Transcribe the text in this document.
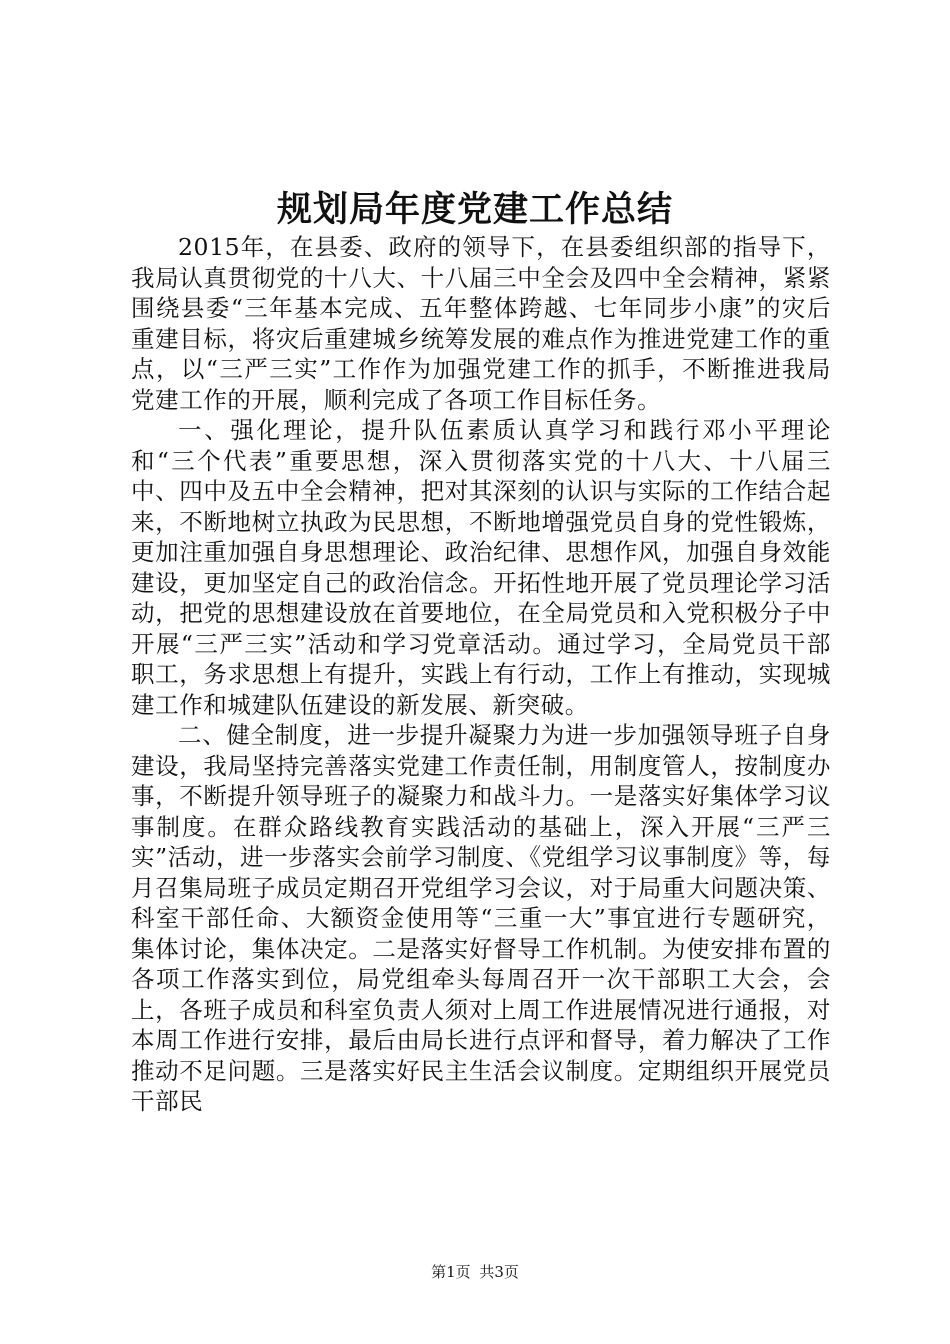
规划局年度党建工作总结

2015年，在县委、政府的领导下，在县委组织部的指导下，我局认真贯彻党的十八大、十八届三中全会及四中全会精神，紧紧围绕县委“三年基本完成、五年整体跨越、七年同步小康”的灾后重建目标，将灾后重建城乡统筹发展的难点作为推进党建工作的重点，以“三严三实”工作作为加强党建工作的抓手，不断推进我局党建工作的开展，顺利完成了各项工作目标任务。

一、强化理论，提升队伍素质认真学习和践行邓小平理论和“三个代表”重要思想，深入贯彻落实党的十八大、十八届三中、四中及五中全会精神，把对其深刻的认识与实际的工作结合起来，不断地树立执政为民思想，不断地增强党员自身的党性锻炼，更加注重加强自身思想理论、政治纪律、思想作风，加强自身效能建设，更加坚定自己的政治信念。开拓性地开展了党员理论学习活动，把党的思想建设放在首要地位，在全局党员和入党积极分子中开展“三严三实”活动和学习党章活动。通过学习，全局党员干部职工，务求思想上有提升，实践上有行动，工作上有推动，实现城建工作和城建队伍建设的新发展、新突破。

二、健全制度，进一步提升凝聚力为进一步加强领导班子自身建设，我局坚持完善落实党建工作责任制，用制度管人，按制度办事，不断提升领导班子的凝聚力和战斗力。一是落实好集体学习议事制度。在群众路线教育实践活动的基础上，深入开展“三严三实”活动，进一步落实会前学习制度、《党组学习议事制度》等，每月召集局班子成员定期召开党组学习会议，对于局重大问题决策、科室干部任命、大额资金使用等“三重一大”事宜进行专题研究，集体讨论，集体决定。二是落实好督导工作机制。为使安排布置的各项工作落实到位，局党组牵头每周召开一次干部职工大会，会上，各班子成员和科室负责人须对上周工作进展情况进行通报，对本周工作进行安排，最后由局长进行点评和督导，着力解决了工作推动不足问题。三是落实好民主生活会议制度。定期组织开展党员干部民

第1页 共3页
